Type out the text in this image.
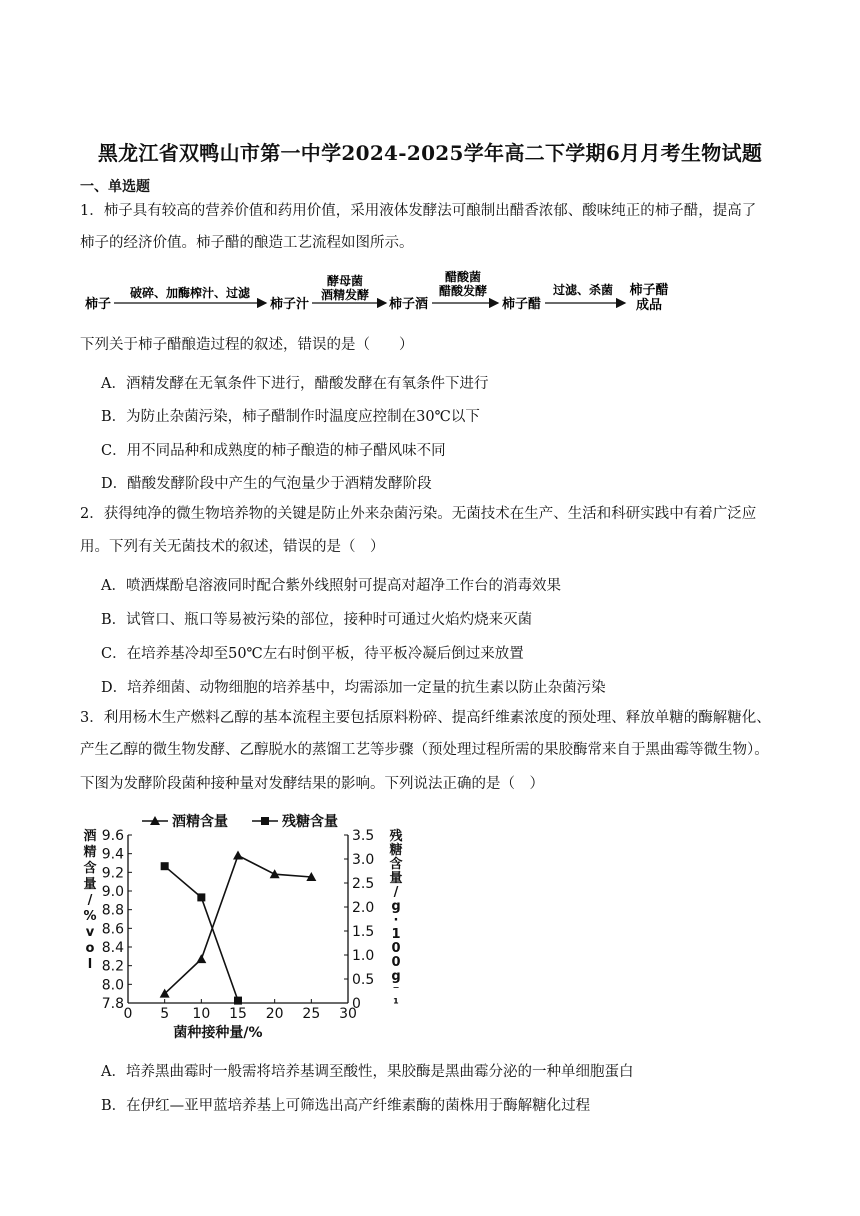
黑龙江省双鸭山市第一中学2024-2025学年高二下学期6月月考生物试题
一、单选题
1．柿子具有较高的营养价值和药用价值，采用液体发酵法可酿制出醋香浓郁、酸味纯正的柿子醋，提高了
柿子的经济价值。柿子醋的酿造工艺流程如图所示。
柿子
破碎、加酶榨汁、过滤
柿子汁
酵母菌
酒精发酵
柿子酒
醋酸菌
醋酸发酵
柿子醋
过滤、杀菌 柿子醋
成品
下列关于柿子醋酿造过程的叙述，错误的是（　　）
A．酒精发酵在无氧条件下进行，醋酸发酵在有氧条件下进行
B．为防止杂菌污染，柿子醋制作时温度应控制在30℃以下
C．用不同品种和成熟度的柿子酿造的柿子醋风味不同
D．醋酸发酵阶段中产生的气泡量少于酒精发酵阶段
2．获得纯净的微生物培养物的关键是防止外来杂菌污染。无菌技术在生产、生活和科研实践中有着广泛应
用。下列有关无菌技术的叙述，错误的是（　）
A．喷洒煤酚皂溶液同时配合紫外线照射可提高对超净工作台的消毒效果
B．试管口、瓶口等易被污染的部位，接种时可通过火焰灼烧来灭菌
C．在培养基冷却至50℃左右时倒平板，待平板冷凝后倒过来放置
D．培养细菌、动物细胞的培养基中，均需添加一定量的抗生素以防止杂菌污染
3．利用杨木生产燃料乙醇的基本流程主要包括原料粉碎、提高纤维素浓度的预处理、释放单糖的酶解糖化、
产生乙醇的微生物发酵、乙醇脱水的蒸馏工艺等步骤（预处理过程所需的果胶酶常来自于黑曲霉等微生物）。
下图为发酵阶段菌种接种量对发酵结果的影响。下列说法正确的是（　）
酒精含量	残糖含量
0 5 10 15 20 25 30
7.8
8.0
8.2
8.4
8.6
8.8
9.0
9.2
9.4
9.6
0
0.5
1.0
1.5
2.0
2.5
3.0
3.5
菌种接种量/%
酒精含量/ % v o l
残糖含量/ g · 1 0 0 g ⁻ ¹
A．培养黑曲霉时一般需将培养基调至酸性，果胶酶是黑曲霉分泌的一种单细胞蛋白
B．在伊红—亚甲蓝培养基上可筛选出高产纤维素酶的菌株用于酶解糖化过程
